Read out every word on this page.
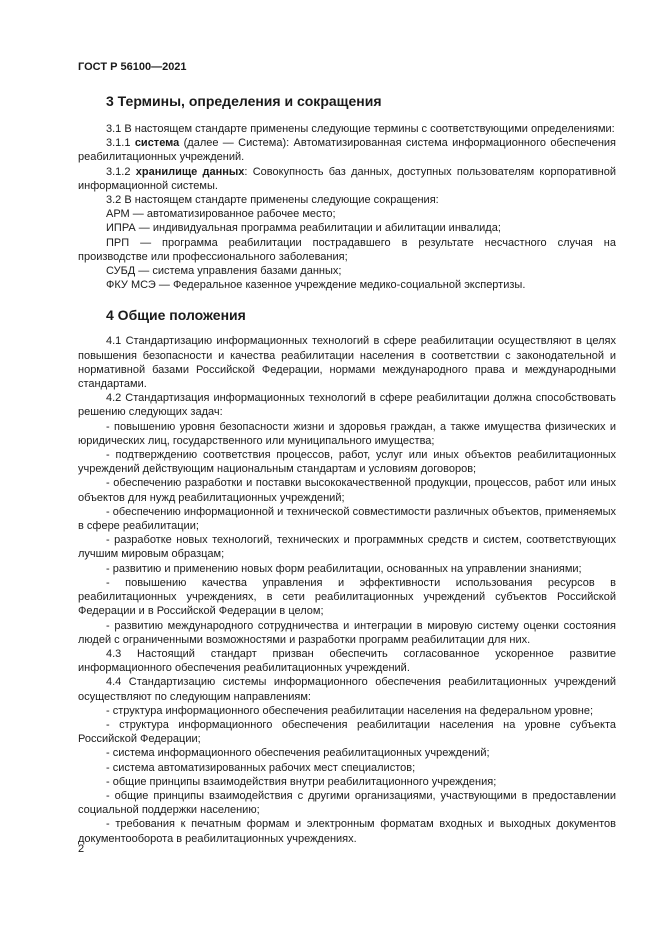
ГОСТ Р 56100—2021
3 Термины, определения и сокращения

3.1 В настоящем стандарте применены следующие термины с соответствующими определениями:

3.1.1 система (далее — Система): Автоматизированная система информационного обеспечения реабилитационных учреждений.

3.1.2 хранилище данных: Совокупность баз данных, доступных пользователям корпоративной информационной системы.

3.2 В настоящем стандарте применены следующие сокращения:

АРМ — автоматизированное рабочее место;

ИПРА — индивидуальная программа реабилитации и абилитации инвалида;

ПРП — программа реабилитации пострадавшего в результате несчастного случая на производстве или профессионального заболевания;

СУБД — система управления базами данных;

ФКУ МСЭ — Федеральное казенное учреждение медико-социальной экспертизы.

4 Общие положения

4.1 Стандартизацию информационных технологий в сфере реабилитации осуществляют в целях повышения безопасности и качества реабилитации населения в соответствии с законодательной и нормативной базами Российской Федерации, нормами международного права и международными стандартами.

4.2 Стандартизация информационных технологий в сфере реабилитации должна способствовать решению следующих задач:

- повышению уровня безопасности жизни и здоровья граждан, а также имущества физических и юридических лиц, государственного или муниципального имущества;

- подтверждению соответствия процессов, работ, услуг или иных объектов реабилитационных учреждений действующим национальным стандартам и условиям договоров;

- обеспечению разработки и поставки высококачественной продукции, процессов, работ или иных объектов для нужд реабилитационных учреждений;

- обеспечению информационной и технической совместимости различных объектов, применяемых в сфере реабилитации;

- разработке новых технологий, технических и программных средств и систем, соответствующих лучшим мировым образцам;

- развитию и применению новых форм реабилитации, основанных на управлении знаниями;

- повышению качества управления и эффективности использования ресурсов в реабилитационных учреждениях, в сети реабилитационных учреждений субъектов Российской Федерации и в Российской Федерации в целом;

- развитию международного сотрудничества и интеграции в мировую систему оценки состояния людей с ограниченными возможностями и разработки программ реабилитации для них.

4.3 Настоящий стандарт призван обеспечить согласованное ускоренное развитие информационного обеспечения реабилитационных учреждений.

4.4 Стандартизацию системы информационного обеспечения реабилитационных учреждений осуществляют по следующим направлениям:

- структура информационного обеспечения реабилитации населения на федеральном уровне;

- структура информационного обеспечения реабилитации населения на уровне субъекта Российской Федерации;

- система информационного обеспечения реабилитационных учреждений;

- система автоматизированных рабочих мест специалистов;

- общие принципы взаимодействия внутри реабилитационного учреждения;

- общие принципы взаимодействия с другими организациями, участвующими в предоставлении социальной поддержки населению;

- требования к печатным формам и электронным форматам входных и выходных документов документооборота в реабилитационных учреждениях.

2
